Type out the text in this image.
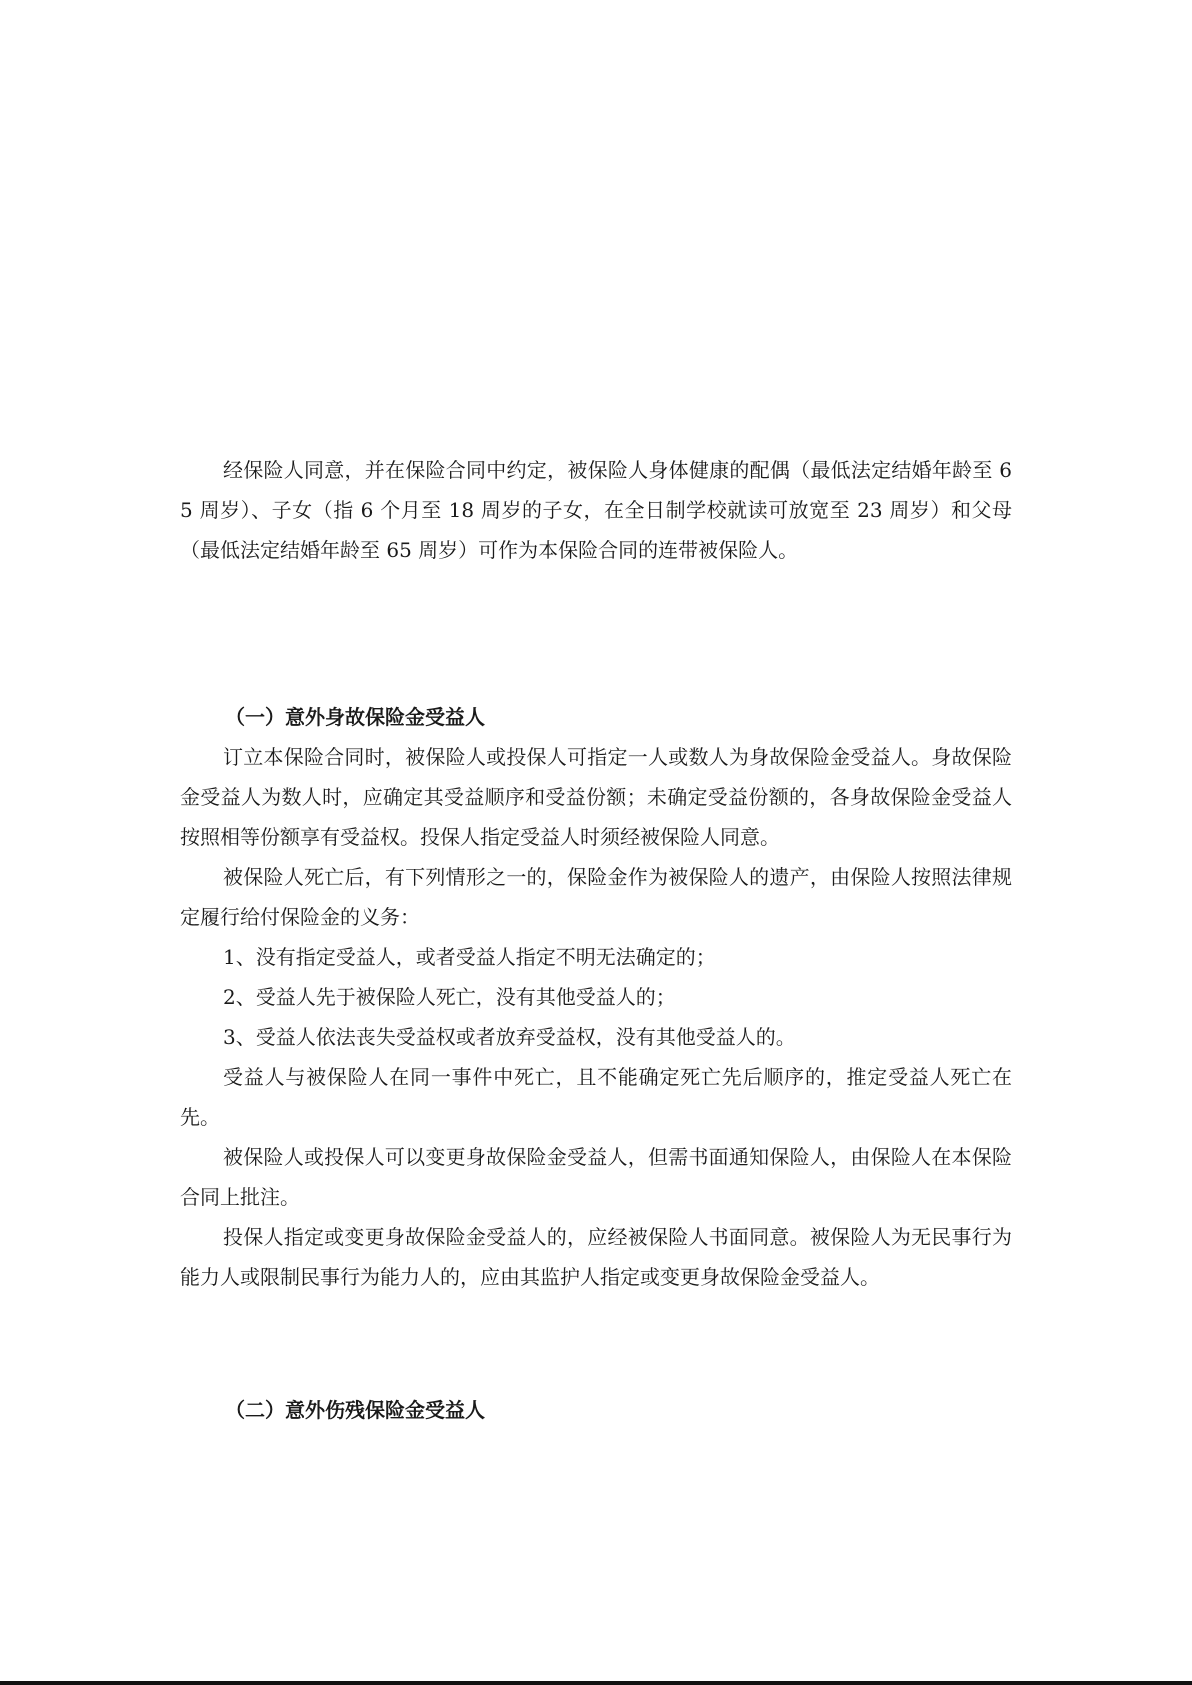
经保险人同意，并在保险合同中约定，被保险人身体健康的配偶（最低法定结婚年龄至 65 周岁）、子女（指 6 个月至 18 周岁的子女，在全日制学校就读可放宽至 23 周岁）和父母（最低法定结婚年龄至 65 周岁）可作为本保险合同的连带被保险人。

（一）意外身故保险金受益人

订立本保险合同时，被保险人或投保人可指定一人或数人为身故保险金受益人。身故保险金受益人为数人时，应确定其受益顺序和受益份额；未确定受益份额的，各身故保险金受益人按照相等份额享有受益权。投保人指定受益人时须经被保险人同意。

被保险人死亡后，有下列情形之一的，保险金作为被保险人的遗产，由保险人按照法律规定履行给付保险金的义务：

1、没有指定受益人，或者受益人指定不明无法确定的；

2、受益人先于被保险人死亡，没有其他受益人的；

3、受益人依法丧失受益权或者放弃受益权，没有其他受益人的。

受益人与被保险人在同一事件中死亡，且不能确定死亡先后顺序的，推定受益人死亡在先。

被保险人或投保人可以变更身故保险金受益人，但需书面通知保险人，由保险人在本保险合同上批注。

投保人指定或变更身故保险金受益人的，应经被保险人书面同意。被保险人为无民事行为能力人或限制民事行为能力人的，应由其监护人指定或变更身故保险金受益人。

（二）意外伤残保险金受益人
